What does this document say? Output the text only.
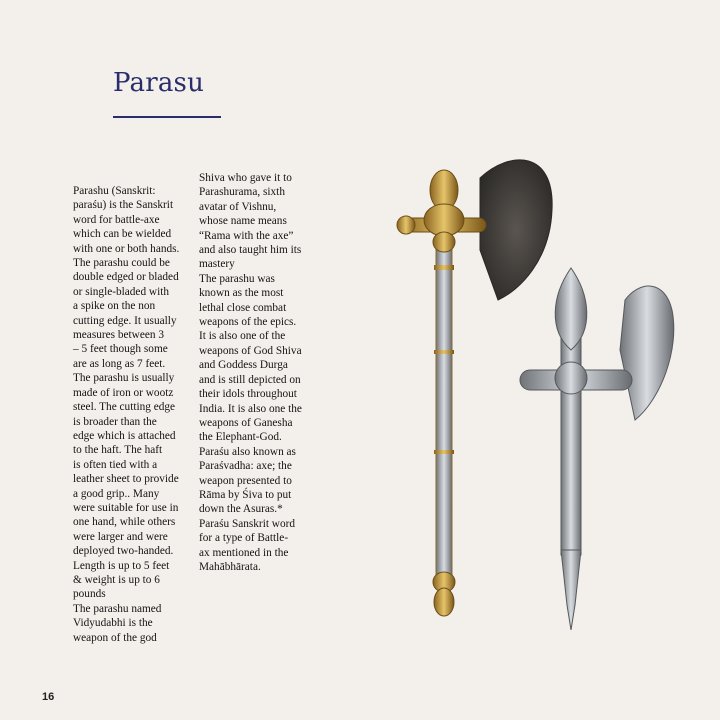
Parasu
Parashu (Sanskrit:
paraśu) is the Sanskrit
word for battle-axe
which can be wielded
with one or both hands.
The parashu could be
double edged or bladed
or single-bladed with
a spike on the non
cutting edge. It usually
measures between 3
– 5 feet though some
are as long as 7 feet.
The parashu is usually
made of iron or wootz
steel. The cutting edge
is broader than the
edge which is attached
to the haft. The haft
is often tied with a
leather sheet to provide
a good grip.. Many
were suitable for use in
one hand, while others
were larger and were
deployed two-handed.
Length is up to 5 feet
& weight is up to 6
pounds
The parashu named
Vidyudabhi is the
weapon of the god
Shiva who gave it to
Parashurama, sixth
avatar of Vishnu,
whose name means
“Rama with the axe”
and also taught him its
mastery
The parashu was
known as the most
lethal close combat
weapons of the epics.
It is also one of the
weapons of God Shiva
and Goddess Durga
and is still depicted on
their idols throughout
India. It is also one the
weapons of Ganesha
the Elephant-God.
Paraśu also known as
Paraśvadha: axe; the
weapon presented to
Rāma by Śiva to put
down the Asuras.*
Paraśu Sanskrit word
for a type of Battle-
ax mentioned in the
Mahābhārata.
16
